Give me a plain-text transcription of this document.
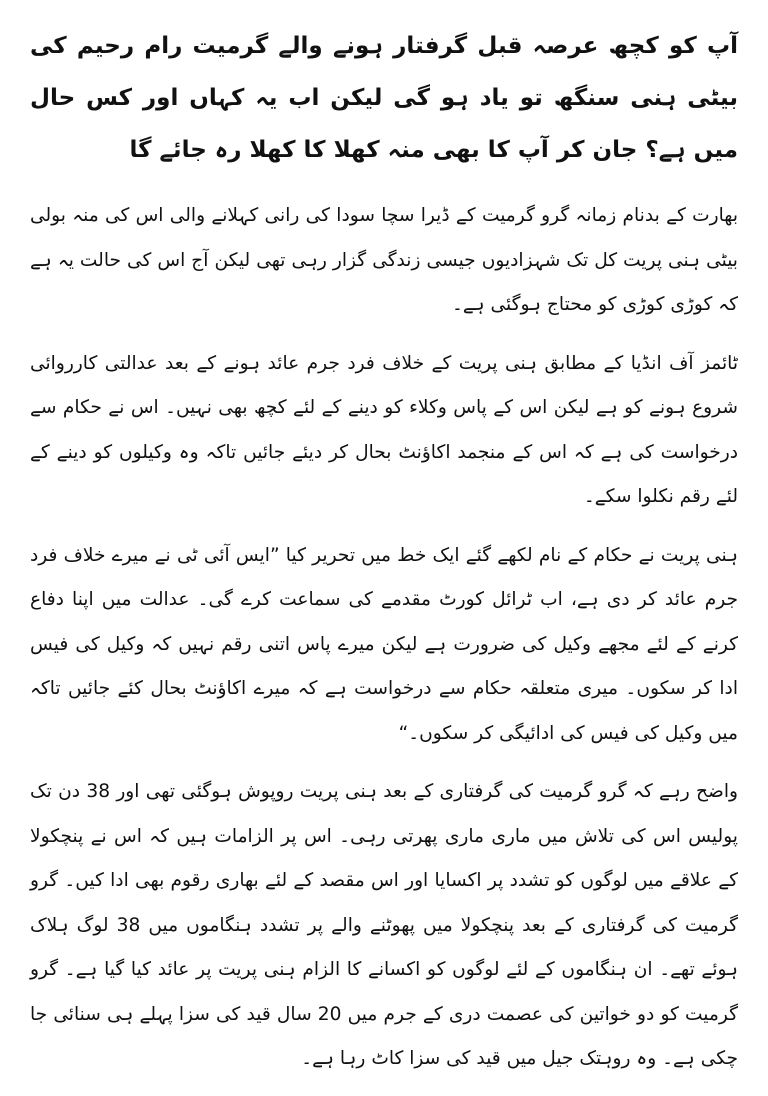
آپ کو کچھ عرصہ قبل گرفتار ہونے والے گرمیت رام رحیم کی بیٹی ہنی سنگھ تو یاد ہو گی لیکن اب یہ کہاں اور کس حال میں ہے؟ جان کر آپ کا بھی منہ کھلا کا کھلا رہ جائے گا

بھارت کے بدنام زمانہ گرو گرمیت کے ڈیرا سچا سودا کی رانی کہلانے والی اس کی منہ بولی بیٹی ہنی پریت کل تک شہزادیوں جیسی زندگی گزار رہی تھی لیکن آج اس کی حالت یہ ہے کہ کوڑی کوڑی کو محتاج ہوگئی ہے۔

ٹائمز آف انڈیا کے مطابق ہنی پریت کے خلاف فرد جرم عائد ہونے کے بعد عدالتی کارروائی شروع ہونے کو ہے لیکن اس کے پاس وکلاء کو دینے کے لئے کچھ بھی نہیں۔ اس نے حکام سے درخواست کی ہے کہ اس کے منجمد اکاؤنٹ بحال کر دیئے جائیں تاکہ وہ وکیلوں کو دینے کے لئے رقم نکلوا سکے۔

ہنی پریت نے حکام کے نام لکھے گئے ایک خط میں تحریر کیا ”ایس آئی ٹی نے میرے خلاف فرد جرم عائد کر دی ہے، اب ٹرائل کورٹ مقدمے کی سماعت کرے گی۔ عدالت میں اپنا دفاع کرنے کے لئے مجھے وکیل کی ضرورت ہے لیکن میرے پاس اتنی رقم نہیں کہ وکیل کی فیس ادا کر سکوں۔ میری متعلقہ حکام سے درخواست ہے کہ میرے اکاؤنٹ بحال کئے جائیں تاکہ میں وکیل کی فیس کی ادائیگی کر سکوں۔“

واضح رہے کہ گرو گرمیت کی گرفتاری کے بعد ہنی پریت روپوش ہوگئی تھی اور 38 دن تک پولیس اس کی تلاش میں ماری ماری پھرتی رہی۔ اس پر الزامات ہیں کہ اس نے پنچکولا کے علاقے میں لوگوں کو تشدد پر اکسایا اور اس مقصد کے لئے بھاری رقوم بھی ادا کیں۔ گرو گرمیت کی گرفتاری کے بعد پنچکولا میں پھوٹنے والے پر تشدد ہنگاموں میں 38 لوگ ہلاک ہوئے تھے۔ ان ہنگاموں کے لئے لوگوں کو اکسانے کا الزام ہنی پریت پر عائد کیا گیا ہے۔ گرو گرمیت کو دو خواتین کی عصمت دری کے جرم میں 20 سال قید کی سزا پہلے ہی سنائی جا چکی ہے۔ وہ روہتک جیل میں قید کی سزا کاٹ رہا ہے۔
